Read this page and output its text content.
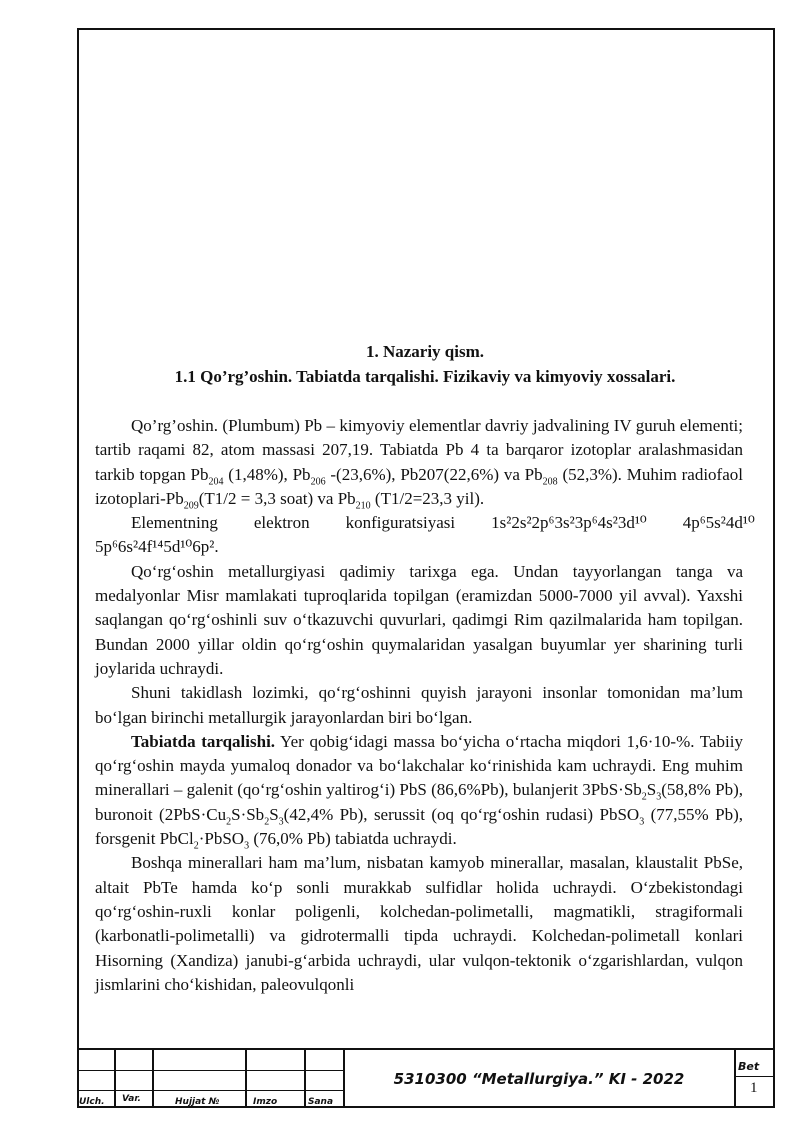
1. Nazariy qism.
1.1 Qo’rg’oshin. Tabiatda tarqalishi. Fizikaviy va kimyoviy xossalari.

Qo’rg’oshin. (Plumbum) Pb – kimyoviy elementlar davriy jadvalining IV guruh elementi; tartib raqami 82, atom massasi 207,19. Tabiatda Pb 4 ta barqaror izotoplar aralashmasidan tarkib topgan $Pb_{204}$ (1,48%), $Pb_{206}$ -(23,6%), Pb207(22,6%) va $Pb_{208}$ (52,3%). Muhim radiofaol izotoplari-$Pb_{209}(T1/2 = 3,3$ soat) va $Pb_{210}$ (T1/2=23,3 yil).

Elementning	elektron	konfiguratsiyasi	1s²2s²2p⁶3s²3p⁶4s²3d¹⁰	4p⁶5s²4d¹⁰

5p⁶6s²4f¹⁴5d¹⁰6p².

Qo‘rg‘oshin metallurgiyasi qadimiy tarixga ega. Undan tayyorlangan tanga va medalyonlar Misr mamlakati tuproqlarida topilgan (eramizdan 5000-7000 yil avval). Yaxshi saqlangan qo‘rg‘oshinli suv o‘tkazuvchi quvurlari, qadimgi Rim qazilmalarida ham topilgan. Bundan 2000 yillar oldin qo‘rg‘oshin quymalaridan yasalgan buyumlar yer sharining turli joylarida uchraydi.

Shuni takidlash lozimki, qo‘rg‘oshinni quyish jarayoni insonlar tomonidan ma’lum bo‘lgan birinchi metallurgik jarayonlardan biri bo‘lgan.

Tabiatda tarqalishi. Yer qobig‘idagi massa bo‘yicha o‘rtacha miqdori 1,6·10-%. Tabiiy qo‘rg‘oshin mayda yumaloq donador va bo‘lakchalar ko‘rinishida kam uchraydi. Eng muhim minerallari – galenit (qo‘rg‘oshin yaltirog‘i) PbS (86,6%Pb), bulanjerit $3PbS\cdot Sb_2S_3(58,8\%$ Pb), buronoit ($2PbS\cdot Cu_2S\cdot Sb_2S_3(42,4\%$ Pb), serussit (oq qo‘rg‘oshin rudasi) PbSO$_3$ (77,55% Pb), forsgenit PbCl$_2$·PbSO$_3$ (76,0% Pb) tabiatda uchraydi.

Boshqa minerallari ham ma’lum, nisbatan kamyob minerallar, masalan, klaustalit PbSe, altait PbTe hamda ko‘p sonli murakkab sulfidlar holida uchraydi. O‘zbekistondagi qo‘rg‘oshin-ruxli konlar poligenli, kolchedan-polimetalli, magmatikli, stragiformali (karbonatli-polimetalli) va gidrotermalli tipda uchraydi. Kolchedan-polimetall konlari Hisorning (Xandiza) janubi-g‘arbida uchraydi, ular vulqon-tektonik o‘zgarishlardan, vulqon jismlarini cho‘kishidan, paleovulqonli

Ulch. Var.	Hujjat №	Imzo	Sana
5310300 “Metallurgiya.” KI - 2022
Bet
1
